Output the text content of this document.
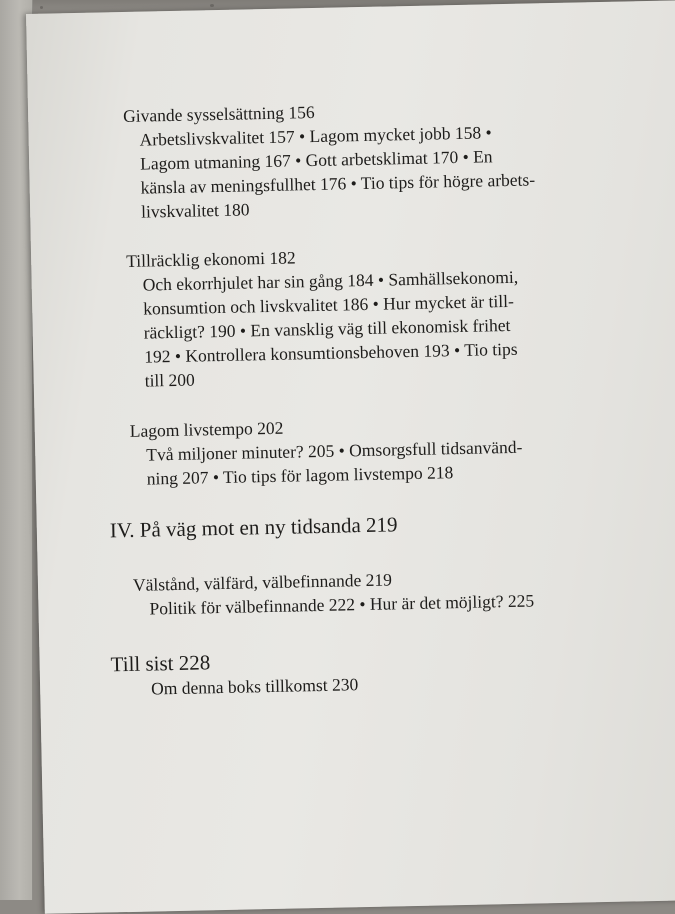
Givande sysselsättning 156
Arbetslivskvalitet 157 • Lagom mycket jobb 158 •
Lagom utmaning 167 • Gott arbetsklimat 170 • En
känsla av meningsfullhet 176 • Tio tips för högre arbets-
livskvalitet 180
Tillräcklig ekonomi 182
Och ekorrhjulet har sin gång 184 • Samhällsekonomi,
konsumtion och livskvalitet 186 • Hur mycket är till-
räckligt? 190 • En vansklig väg till ekonomisk frihet
192 • Kontrollera konsumtionsbehoven 193 • Tio tips
till 200
Lagom livstempo 202
Två miljoner minuter? 205 • Omsorgsfull tidsanvänd-
ning 207 • Tio tips för lagom livstempo 218
IV. På väg mot en ny tidsanda 219
Välstånd, välfärd, välbefinnande 219
Politik för välbefinnande 222 • Hur är det möjligt? 225
Till sist 228
Om denna boks tillkomst 230
